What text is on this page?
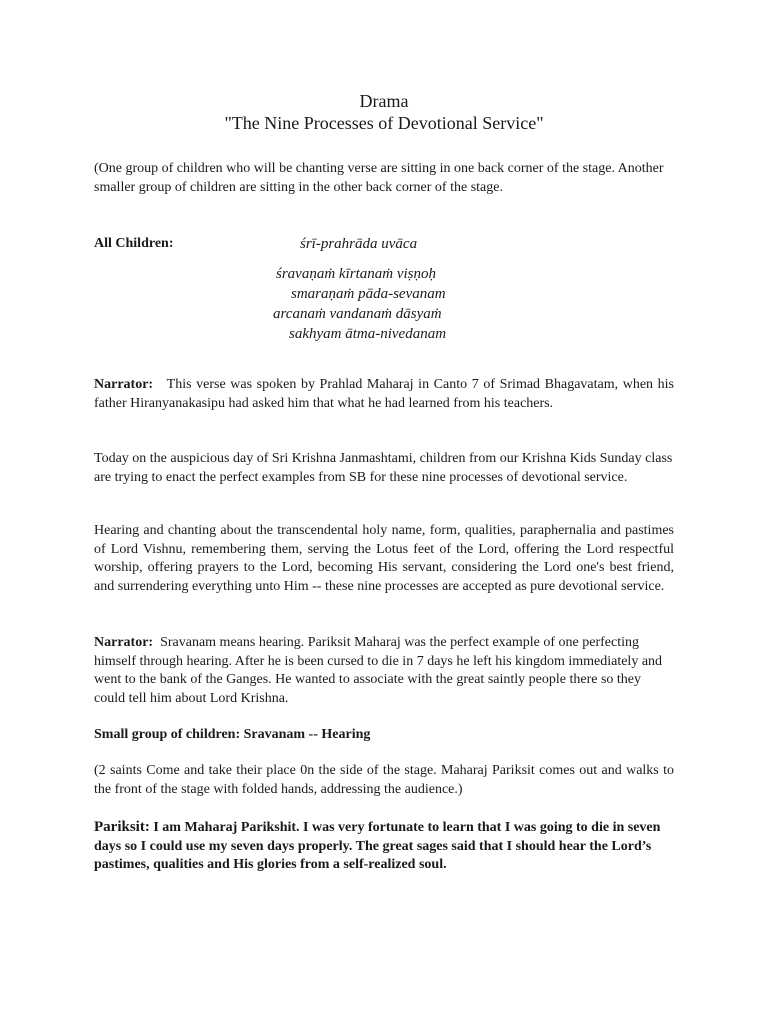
Drama
"The Nine Processes of Devotional Service"
(One group of children who will be chanting verse are sitting in one back corner of the stage. Another smaller group of children are sitting in the other back corner of the stage.
All Children:	śrī-prahrāda uvāca
śravaṇaṁ kīrtanaṁ viṣṇoḥ
smaraṇaṁ pāda-sevanam
arcanaṁ vandanaṁ dāsyaṁ
sakhyam ātma-nivedanam
Narrator: This verse was spoken by Prahlad Maharaj in Canto 7 of Srimad Bhagavatam, when his father Hiranyanakasipu had asked him that what he had learned from his teachers.
Today on the auspicious day of Sri Krishna Janmashtami, children from our Krishna Kids Sunday class are trying to enact the perfect examples from SB for these nine processes of devotional service.
Hearing and chanting about the transcendental holy name, form, qualities, paraphernalia and pastimes of Lord Vishnu, remembering them, serving the Lotus feet of the Lord, offering the Lord respectful worship, offering prayers to the Lord, becoming His servant, considering the Lord one's best friend, and surrendering everything unto Him -- these nine processes are accepted as pure devotional service.
Narrator: Sravanam means hearing. Pariksit Maharaj was the perfect example of one perfecting himself through hearing. After he is been cursed to die in 7 days he left his kingdom immediately and went to the bank of the Ganges. He wanted to associate with the great saintly people there so they could tell him about Lord Krishna.
Small group of children: Sravanam -- Hearing
(2 saints Come and take their place 0n the side of the stage. Maharaj Pariksit comes out and walks to the front of the stage with folded hands, addressing the audience.)
Pariksit: I am Maharaj Parikshit. I was very fortunate to learn that I was going to die in seven days so I could use my seven days properly. The great sages said that I should hear the Lord’s pastimes, qualities and His glories from a self-realized soul.
